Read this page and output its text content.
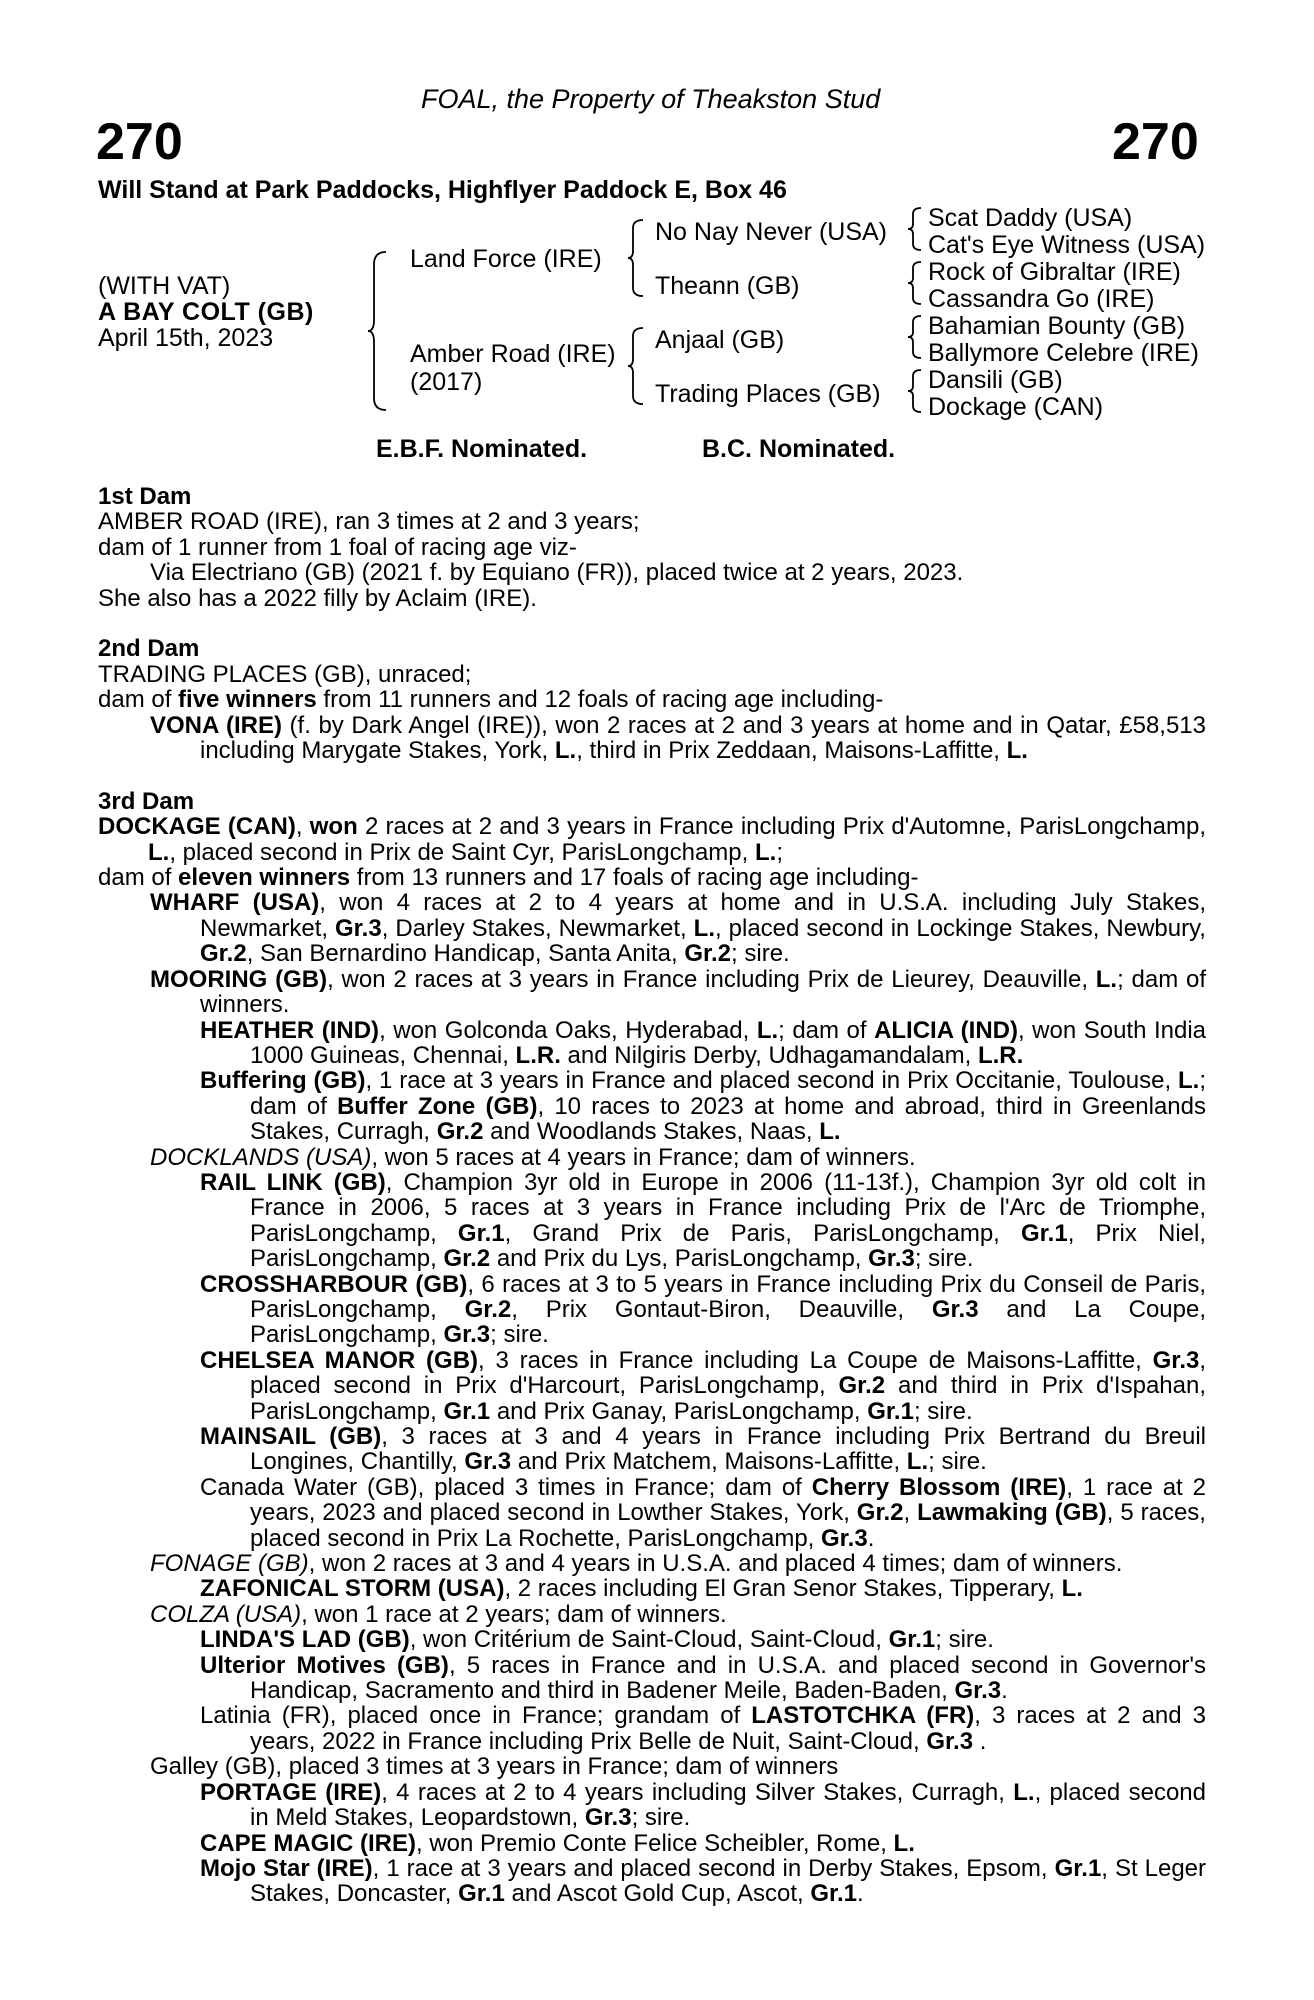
FOAL, the Property of Theakston Stud
270	270
Will Stand at Park Paddocks, Highflyer Paddock E, Box 46
(WITH VAT)
A BAY COLT (GB)
April 15th, 2023
Land Force (IRE)
Amber Road (IRE)
(2017)
No Nay Never (USA)
Theann (GB)
Anjaal (GB)
Trading Places (GB)
Scat Daddy (USA)
Cat's Eye Witness (USA)
Rock of Gibraltar (IRE)
Cassandra Go (IRE)
Bahamian Bounty (GB)
Ballymore Celebre (IRE)
Dansili (GB)
Dockage (CAN)
E.B.F. Nominated.	B.C. Nominated.

1st Dam

AMBER ROAD (IRE), ran 3 times at 2 and 3 years;

dam of 1 runner from 1 foal of racing age viz-

Via Electriano (GB) (2021 f. by Equiano (FR)), placed twice at 2 years, 2023.

She also has a 2022 filly by Aclaim (IRE).

2nd Dam

TRADING PLACES (GB), unraced;

dam of five winners from 11 runners and 12 foals of racing age including-

VONA (IRE) (f. by Dark Angel (IRE)), won 2 races at 2 and 3 years at home and in Qatar, £58,513 including Marygate Stakes, York, L., third in Prix Zeddaan, Maisons-Laffitte, L.

3rd Dam

DOCKAGE (CAN), won 2 races at 2 and 3 years in France including Prix d'Automne, ParisLongchamp, L., placed second in Prix de Saint Cyr, ParisLongchamp, L.;

dam of eleven winners from 13 runners and 17 foals of racing age including-

WHARF (USA), won 4 races at 2 to 4 years at home and in U.S.A. including July Stakes, Newmarket, Gr.3, Darley Stakes, Newmarket, L., placed second in Lockinge Stakes, Newbury, Gr.2, San Bernardino Handicap, Santa Anita, Gr.2; sire.

MOORING (GB), won 2 races at 3 years in France including Prix de Lieurey, Deauville, L.; dam of winners.

HEATHER (IND), won Golconda Oaks, Hyderabad, L.; dam of ALICIA (IND), won South India 1000 Guineas, Chennai, L.R. and Nilgiris Derby, Udhagamandalam, L.R.

Buffering (GB), 1 race at 3 years in France and placed second in Prix Occitanie, Toulouse, L.; dam of Buffer Zone (GB), 10 races to 2023 at home and abroad, third in Greenlands Stakes, Curragh, Gr.2 and Woodlands Stakes, Naas, L.

DOCKLANDS (USA), won 5 races at 4 years in France; dam of winners.

RAIL LINK (GB), Champion 3yr old in Europe in 2006 (11-13f.), Champion 3yr old colt in France in 2006, 5 races at 3 years in France including Prix de l'Arc de Triomphe, ParisLongchamp, Gr.1, Grand Prix de Paris, ParisLongchamp, Gr.1, Prix Niel, ParisLongchamp, Gr.2 and Prix du Lys, ParisLongchamp, Gr.3; sire.

CROSSHARBOUR (GB), 6 races at 3 to 5 years in France including Prix du Conseil de Paris, ParisLongchamp, Gr.2, Prix Gontaut-Biron, Deauville, Gr.3 and La Coupe, ParisLongchamp, Gr.3; sire.

CHELSEA MANOR (GB), 3 races in France including La Coupe de Maisons-Laffitte, Gr.3, placed second in Prix d'Harcourt, ParisLongchamp, Gr.2 and third in Prix d'Ispahan, ParisLongchamp, Gr.1 and Prix Ganay, ParisLongchamp, Gr.1; sire.

MAINSAIL (GB), 3 races at 3 and 4 years in France including Prix Bertrand du Breuil Longines, Chantilly, Gr.3 and Prix Matchem, Maisons-Laffitte, L.; sire.

Canada Water (GB), placed 3 times in France; dam of Cherry Blossom (IRE), 1 race at 2 years, 2023 and placed second in Lowther Stakes, York, Gr.2, Lawmaking (GB), 5 races, placed second in Prix La Rochette, ParisLongchamp, Gr.3.

FONAGE (GB), won 2 races at 3 and 4 years in U.S.A. and placed 4 times; dam of winners.

ZAFONICAL STORM (USA), 2 races including El Gran Senor Stakes, Tipperary, L.

COLZA (USA), won 1 race at 2 years; dam of winners.

LINDA'S LAD (GB), won Critérium de Saint-Cloud, Saint-Cloud, Gr.1; sire.

Ulterior Motives (GB), 5 races in France and in U.S.A. and placed second in Governor's Handicap, Sacramento and third in Badener Meile, Baden-Baden, Gr.3.

Latinia (FR), placed once in France; grandam of LASTOTCHKA (FR), 3 races at 2 and 3 years, 2022 in France including Prix Belle de Nuit, Saint-Cloud, Gr.3 .

Galley (GB), placed 3 times at 3 years in France; dam of winners

PORTAGE (IRE), 4 races at 2 to 4 years including Silver Stakes, Curragh, L., placed second in Meld Stakes, Leopardstown, Gr.3; sire.

CAPE MAGIC (IRE), won Premio Conte Felice Scheibler, Rome, L.

Mojo Star (IRE), 1 race at 3 years and placed second in Derby Stakes, Epsom, Gr.1, St Leger Stakes, Doncaster, Gr.1 and Ascot Gold Cup, Ascot, Gr.1.
